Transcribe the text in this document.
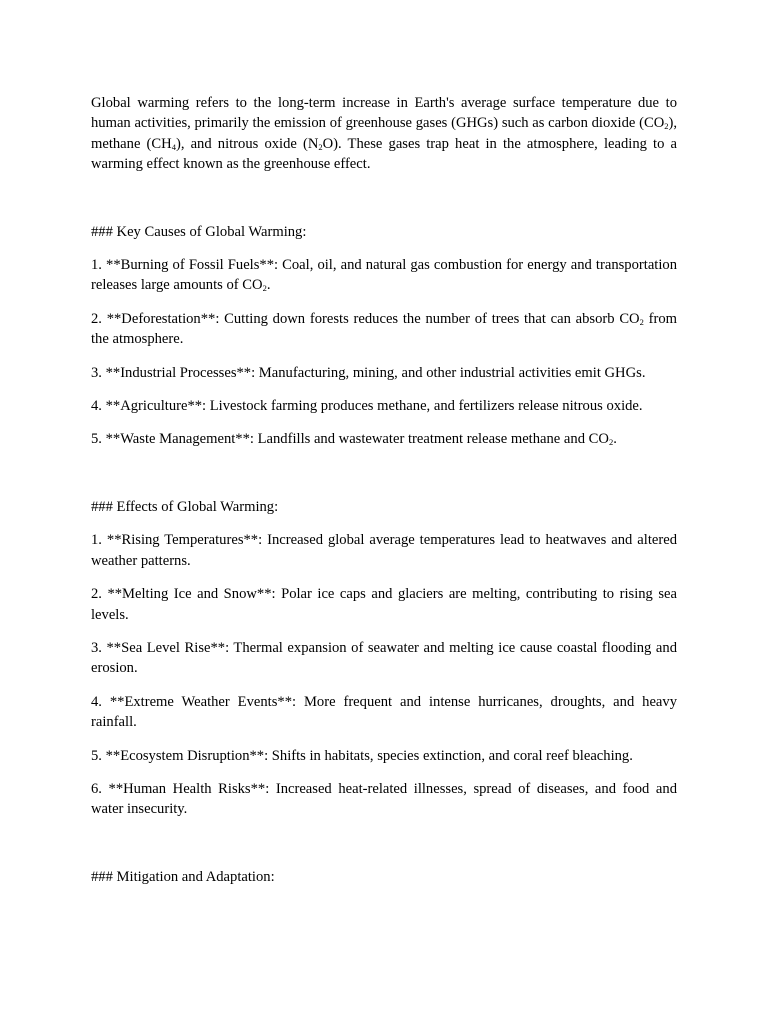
Global warming refers to the long-term increase in Earth's average surface temperature due to human activities, primarily the emission of greenhouse gases (GHGs) such as carbon dioxide $(CO_2)$, methane $(CH_4)$, and nitrous oxide $(N_2O)$. These gases trap heat in the atmosphere, leading to a warming effect known as the greenhouse effect.

### Key Causes of Global Warming:

1. **Burning of Fossil Fuels**: Coal, oil, and natural gas combustion for energy and transportation releases large amounts of $CO_2$.

2. **Deforestation**: Cutting down forests reduces the number of trees that can absorb $CO_2$ from the atmosphere.

3. **Industrial Processes**: Manufacturing, mining, and other industrial activities emit GHGs.

4. **Agriculture**: Livestock farming produces methane, and fertilizers release nitrous oxide.

5. **Waste Management**: Landfills and wastewater treatment release methane and $CO_2$.

### Effects of Global Warming:

1. **Rising Temperatures**: Increased global average temperatures lead to heatwaves and altered weather patterns.

2. **Melting Ice and Snow**: Polar ice caps and glaciers are melting, contributing to rising sea levels.

3. **Sea Level Rise**: Thermal expansion of seawater and melting ice cause coastal flooding and erosion.

4. **Extreme Weather Events**: More frequent and intense hurricanes, droughts, and heavy rainfall.

5. **Ecosystem Disruption**: Shifts in habitats, species extinction, and coral reef bleaching.

6. **Human Health Risks**: Increased heat-related illnesses, spread of diseases, and food and water insecurity.

### Mitigation and Adaptation:
